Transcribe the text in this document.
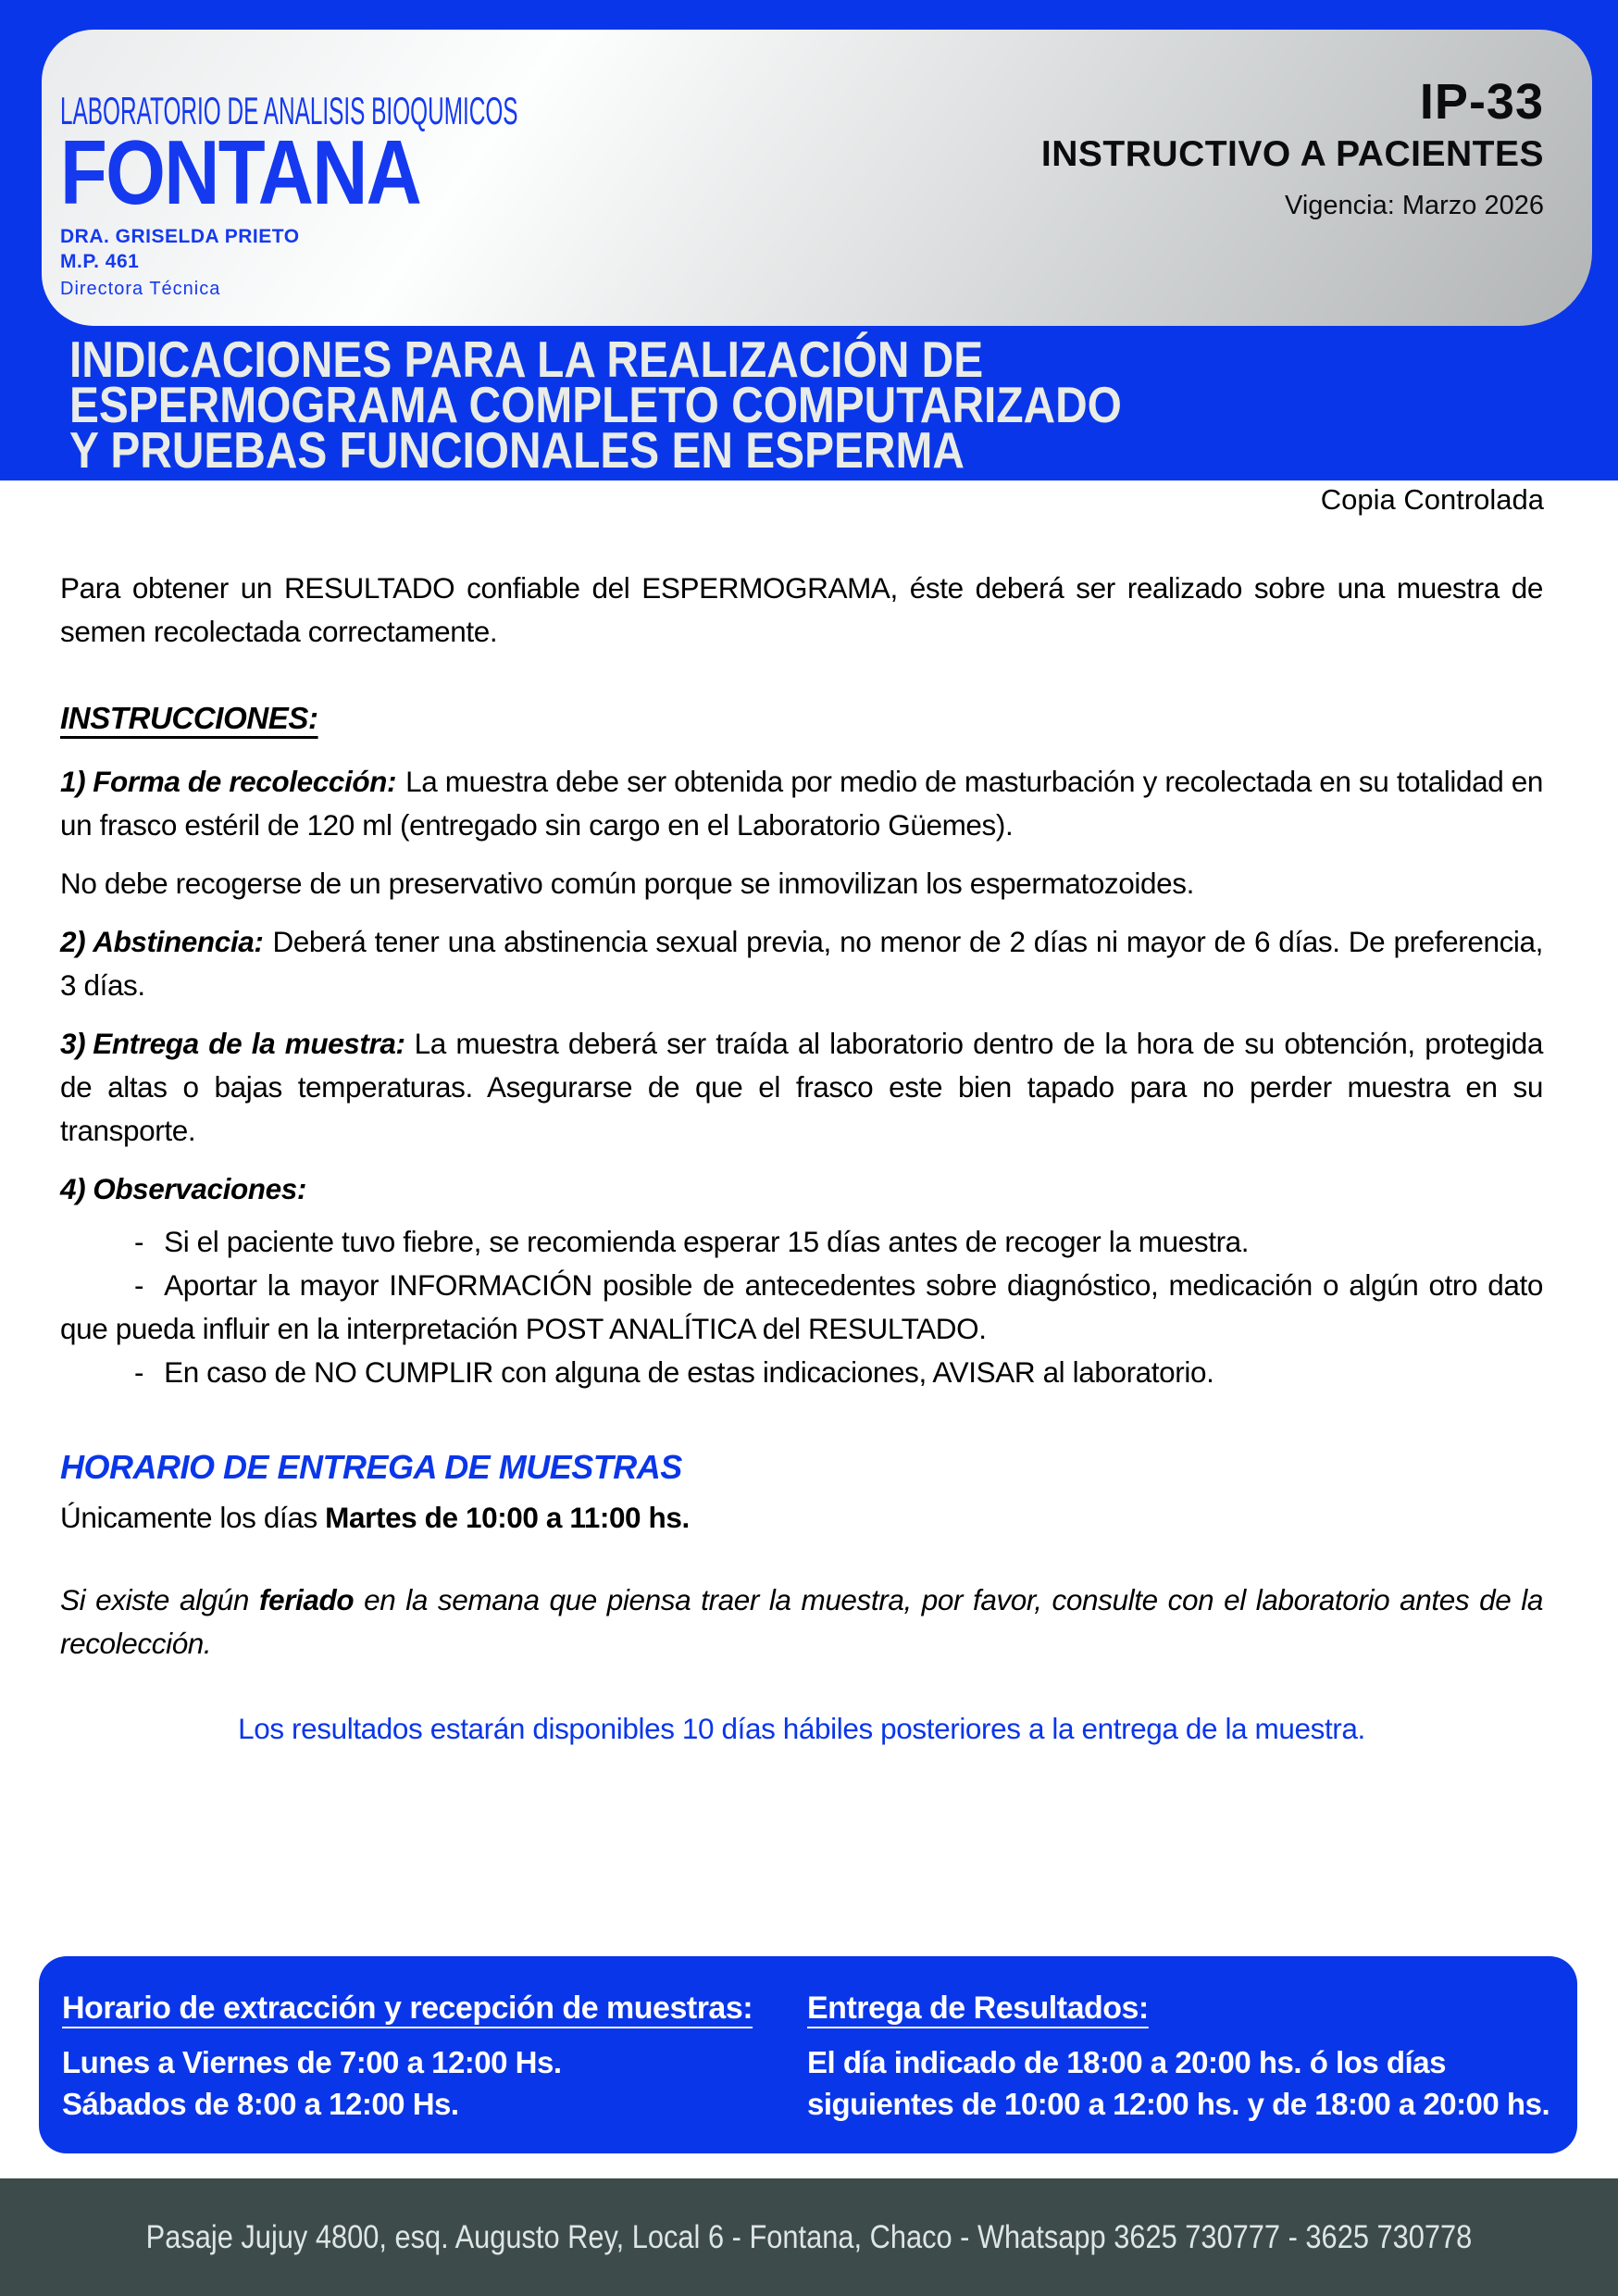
LABORATORIO DE ANALISIS BIOQUMICOS
FONTANA
DRA. GRISELDA PRIETO
M.P. 461
Directora Técnica
IP-33
INSTRUCTIVO A PACIENTES
Vigencia: Marzo 2026
INDICACIONES PARA LA REALIZACIÓN DE
ESPERMOGRAMA COMPLETO COMPUTARIZADO
Y PRUEBAS FUNCIONALES EN ESPERMA
Copia Controlada

Para obtener un RESULTADO confiable del ESPERMOGRAMA, éste deberá ser realizado sobre una muestra de semen recolectada correctamente.

INSTRUCCIONES:

1) Forma de recolección: La muestra debe ser obtenida por medio de masturbación y recolectada en su totalidad en un frasco estéril de 120 ml (entregado sin cargo en el Laboratorio Güemes).

No debe recogerse de un preservativo común porque se inmovilizan los espermatozoides.

2) Abstinencia: Deberá tener una abstinencia sexual previa, no menor de 2 días ni mayor de 6 días. De preferencia, 3 días.

3) Entrega de la muestra: La muestra deberá ser traída al laboratorio dentro de la hora de su obtención, protegida de altas o bajas temperaturas. Asegurarse de que el frasco este bien tapado para no perder muestra en su transporte.

4) Observaciones:

- Si el paciente tuvo fiebre, se recomienda esperar 15 días antes de recoger la muestra.

- Aportar la mayor INFORMACIÓN posible de antecedentes sobre diagnóstico, medicación o algún otro dato que pueda influir en la interpretación POST ANALÍTICA del RESULTADO.

- En caso de NO CUMPLIR con alguna de estas indicaciones, AVISAR al laboratorio.

HORARIO DE ENTREGA DE MUESTRAS

Únicamente los días Martes de 10:00 a 11:00 hs.

Si existe algún feriado en la semana que piensa traer la muestra, por favor, consulte con el laboratorio antes de la recolección.

Los resultados estarán disponibles 10 días hábiles posteriores a la entrega de la muestra.

Horario de extracción y recepción de muestras:
Lunes a Viernes de 7:00 a 12:00 Hs.
Sábados de 8:00 a 12:00 Hs.
Entrega de Resultados:
El día indicado de 18:00 a 20:00 hs. ó los días
siguientes de 10:00 a 12:00 hs. y de 18:00 a 20:00 hs.
Pasaje Jujuy 4800, esq. Augusto Rey, Local 6 - Fontana, Chaco - Whatsapp 3625 730777 - 3625 730778
